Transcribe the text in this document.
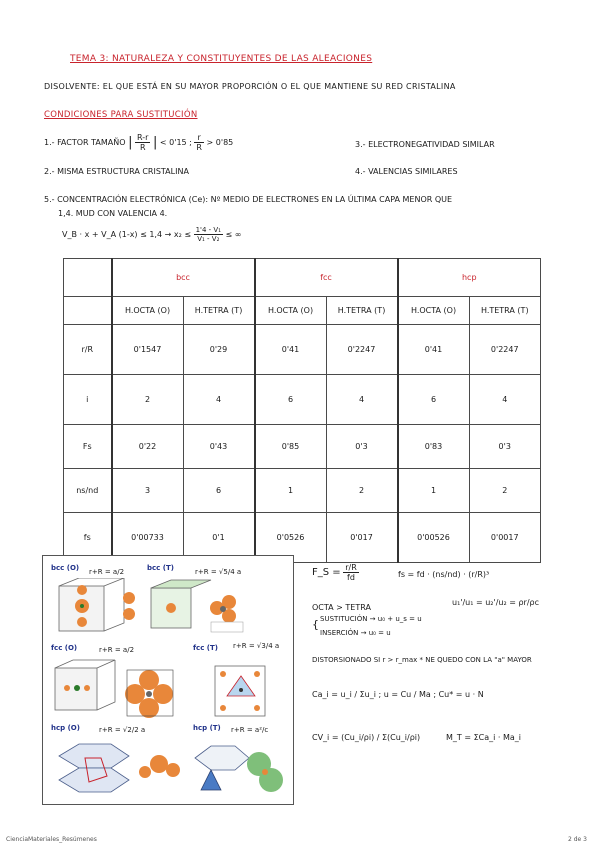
TEMA 3: NATURALEZA Y CONSTITUYENTES DE LAS ALEACIONES
DISOLVENTE: EL QUE ESTÁ EN SU MAYOR PROPORCIÓN O EL QUE MANTIENE SU RED CRISTALINA
CONDICIONES PARA SUSTITUCIÓN
1.- FACTOR TAMAÑO | $\frac{R-r}{R}$ | < 0'15 ; $\frac{r}{R} > 0'85$	3.- ELECTRONEGATIVIDAD SIMILAR
2.- MISMA ESTRUCTURA CRISTALINA	4.- VALENCIAS SIMILARES
5.- CONCENTRACIÓN ELECTRÓNICA (Ce): Nº MEDIO DE ELECTRONES EN LA ÚLTIMA CAPA MENOR QUE
1,4. MUD CON VALENCIA 4.
V_B · x + V_A $(1-x) \le 1,4 \to x_2 \le \frac{\text{1'4 - V₁}}{\text{V₁ - V₂}}$ ≤ ∞
	bcc		fcc		hcp	
	H.OCTA (O)	H.TETRA (T)	H.OCTA (O)	H.TETRA (T)	H.OCTA (O)	H.TETRA (T)
r/R	0'1547	0'29	0'41	0'2247	0'41	0'2247
i	2	4	6	4	6	4
Fs	0'22	0'43	0'85	0'3	0'83	0'3
ns/nd	3	6	1	2	1	2
fs	0'00733	0'1	0'0526	0'017	0'00526	0'0017
bcc (O) r+R = a/2	bcc (T)	r+R = √5/4 a
fcc (O)	r+R = a/2	fcc (T) r+R = √3/4 a
hcp (O)	r+R = √2/2 a	hcp (T) r+R = a²/c
F_S = $\frac{r/R}{fd}$	fs = fd · (ns/nd) · (r/R)³
OCTA > TETRA
u₁'/u₁ = u₂'/u₂ = ρr/ρc
{ SUSTITUCIÓN → u₀ + u_s = u
INSERCIÓN → u₀ = u
DISTORSIONADO SI r > r_max * NE QUEDO CON LA "a" MAYOR
Ca_i = u_i / Σu_i ; u = Cu / Ma ; Cu* = u · N
CV_i = (Cu_i/ρi) / Σ(Cu_i/ρi)	M_T = ΣCa_i · Ma_i
CienciaMateriales_Resúmenes	2 de 3
